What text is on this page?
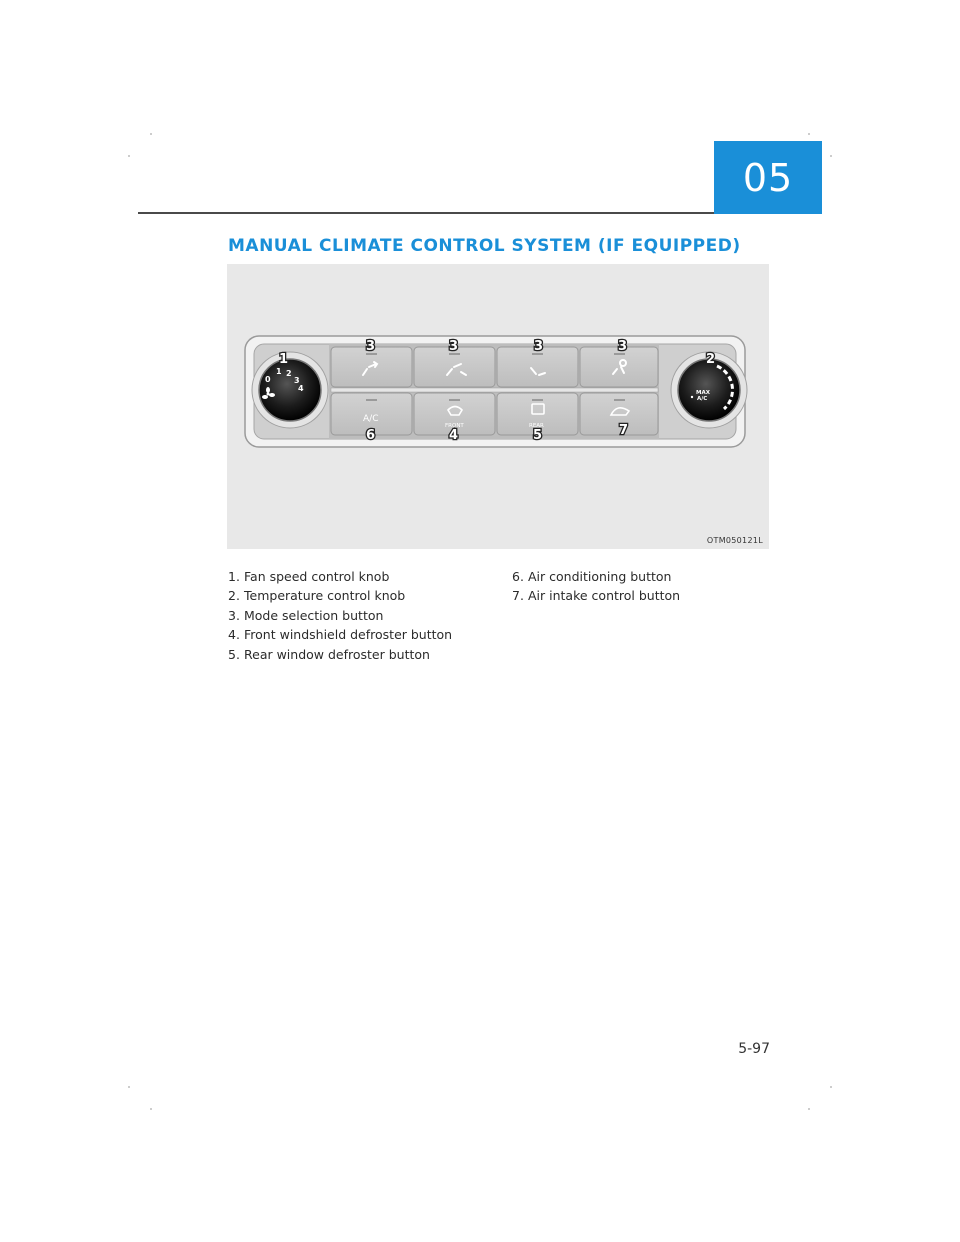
05
MANUAL CLIMATE CONTROL SYSTEM (IF EQUIPPED)
0
1 2
3
4	MAX
A/C
A/C
FRONT	REAR
1	2
3	3	3	3
6	4	5	7
OTM050121L
1. Fan speed control knob
2. Temperature control knob
3. Mode selection button
4. Front windshield defroster button
5. Rear window defroster button
6. Air conditioning button
7. Air intake control button
5-97
